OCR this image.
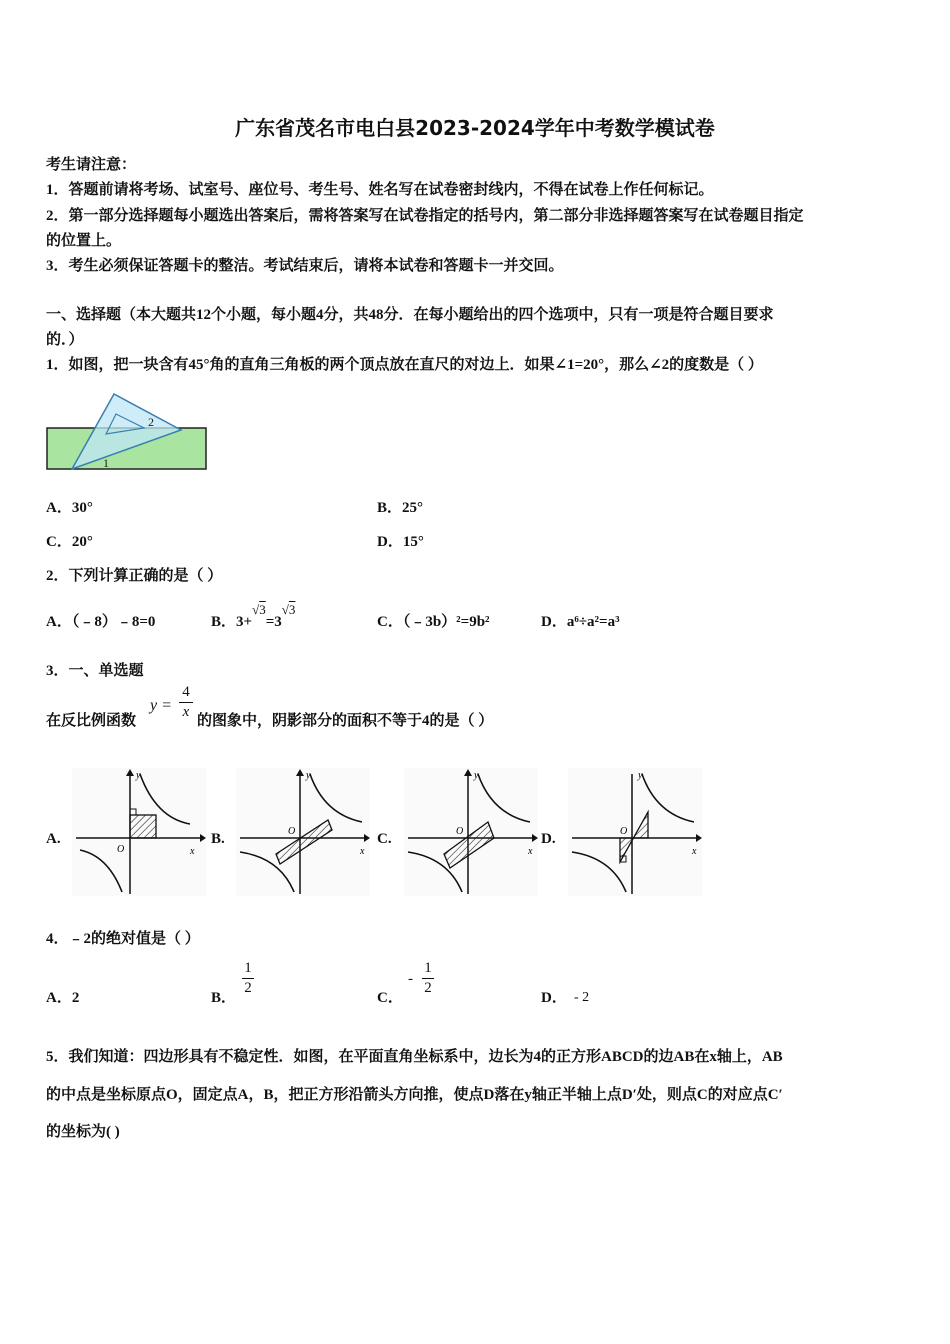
广东省茂名市电白县2023-2024学年中考数学模试卷
考生请注意：
1．答题前请将考场、试室号、座位号、考生号、姓名写在试卷密封线内，不得在试卷上作任何标记。
2．第一部分选择题每小题选出答案后，需将答案写在试卷指定的括号内，第二部分非选择题答案写在试卷题目指定
的位置上。
3．考生必须保证答题卡的整洁。考试结束后，请将本试卷和答题卡一并交回。
一、选择题（本大题共12个小题，每小题4分，共48分．在每小题给出的四个选项中，只有一项是符合题目要求
的．）
1．如图，把一块含有45°角的直角三角板的两个顶点放在直尺的对边上．如果∠1=20°，那么∠2的度数是（ ）
2
1
A．30°	B．25°
C．20°	D．15°
2．下列计算正确的是（ ）
A．（﹣8）﹣8=0	B．3+√3=3√3
C．（﹣3b）²=9b²	D．a⁶÷a²=a³
3．一、单选题
在反比例函数
y =
4
x
的图象中，阴影部分的面积不等于4的是（ ）
A.	B.	C.	D.
y
x
O
y
x
O
y
x
O
y
x
O
4．﹣2的绝对值是（ ）
A．2	B．
1
2
C．
-
1
2
D． - 2
5．我们知道：四边形具有不稳定性．如图，在平面直角坐标系中，边长为4的正方形ABCD的边AB在x轴上，AB
的中点是坐标原点O，固定点A，B，把正方形沿箭头方向推，使点D落在y轴正半轴上点D′处，则点C的对应点C′
的坐标为( )
